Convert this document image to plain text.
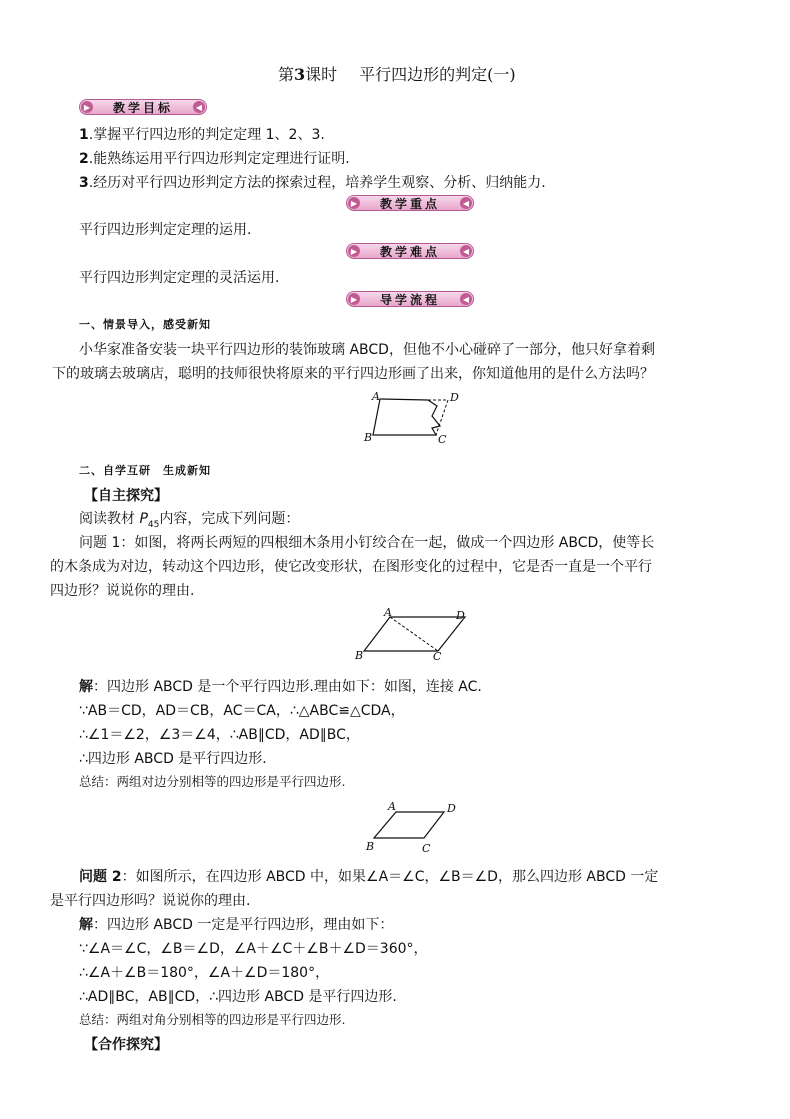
第3课时 平行四边形的判定(一)
▶ 教学目标	◀
1.掌握平行四边形的判定定理 1、2、3.
2.能熟练运用平行四边形判定定理进行证明.
3.经历对平行四边形判定方法的探索过程，培养学生观察、分析、归纳能力.
▶ 教学重点	◀
平行四边形判定定理的运用.
▶ 教学难点	◀
平行四边形判定定理的灵活运用.
▶ 导学流程	◀
一、情景导入，感受新知
小华家准备安装一块平行四边形的装饰玻璃 ABCD，但他不小心碰碎了一部分，他只好拿着剩
下的玻璃去玻璃店，聪明的技师很快将原来的平行四边形画了出来，你知道他用的是什么方法吗？
A	D
B	C
二、自学互研　生成新知
【自主探究】
阅读教材 $P_{45}$内容，完成下列问题：
问题 1：如图，将两长两短的四根细木条用小钉绞合在一起，做成一个四边形 ABCD，使等长
的木条成为对边，转动这个四边形，使它改变形状，在图形变化的过程中，它是否一直是一个平行
四边形？说说你的理由.
A	D
B	C
解：四边形 ABCD 是一个平行四边形.理由如下：如图，连接 AC.
∵AB＝CD，AD＝CB，AC＝CA，∴△ABC≌△CDA，
∴∠1＝∠2，∠3＝∠4，∴AB∥CD，AD∥BC，
∴四边形 ABCD 是平行四边形.
总结：两组对边分别相等的四边形是平行四边形.
A	D
B	C
问题 2：如图所示，在四边形 ABCD 中，如果∠A＝∠C，∠B＝∠D，那么四边形 ABCD 一定
是平行四边形吗？说说你的理由.
解：四边形 ABCD 一定是平行四边形，理由如下：
∵∠A＝∠C，∠B＝∠D，∠A＋∠C＋∠B＋∠D＝360°，
∴∠A＋∠B＝180°，∠A＋∠D＝180°，
∴AD∥BC，AB∥CD，∴四边形 ABCD 是平行四边形.
总结：两组对角分别相等的四边形是平行四边形.
【合作探究】
